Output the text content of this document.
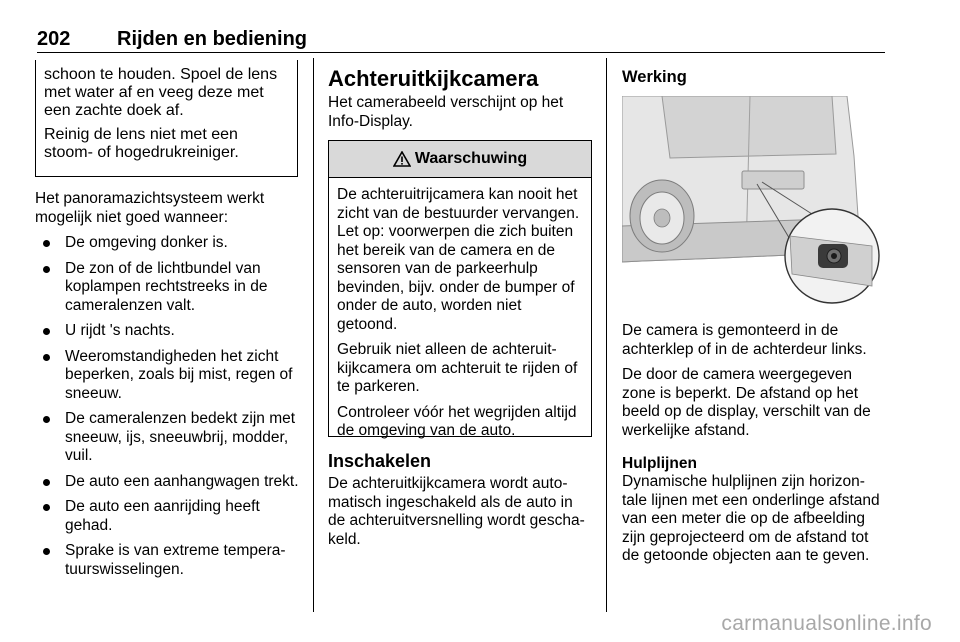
202 Rijden en bediening

schoon te houden. Spoel de lens met water af en veeg deze met een zachte doek af.

Reinig de lens niet met een stoom- of hogedrukreiniger.

Het panoramazichtsysteem werkt mogelijk niet goed wanneer:

De omgeving donker is.
De zon of de lichtbundel van koplampen rechtstreeks in de cameralenzen valt.
U rijdt 's nachts.
Weeromstandigheden het zicht beperken, zoals bij mist, regen of sneeuw.
De cameralenzen bedekt zijn met sneeuw, ijs, sneeuwbrij, modder, vuil.
De auto een aanhangwagen trekt.
De auto een aanrijding heeft gehad.
Sprake is van extreme tempera- tuurswisselingen.
Achteruitkijkcamera

Het camerabeeld verschijnt op het Info-Display.

Waarschuwing

De achteruitrijcamera kan nooit het zicht van de bestuurder vervangen. Let op: voorwerpen die zich buiten het bereik van de camera en de sensoren van de parkeerhulp bevinden, bijv. onder de bumper of onder de auto, worden niet getoond.

Gebruik niet alleen de achteruit- kijkcamera om achteruit te rijden of te parkeren.

Controleer vóór het wegrijden altijd de omgeving van de auto.

Inschakelen

De achteruitkijkcamera wordt auto- matisch ingeschakeld als de auto in de achteruitversnelling wordt gescha- keld.

Werking

De camera is gemonteerd in de achterklep of in de achterdeur links.

De door de camera weergegeven zone is beperkt. De afstand op het beeld op de display, verschilt van de werkelijke afstand.

Hulplijnen

Dynamische hulplijnen zijn horizon- tale lijnen met een onderlinge afstand van een meter die op de afbeelding zijn geprojecteerd om de afstand tot de getoonde objecten aan te geven.

carmanualsonline.info
